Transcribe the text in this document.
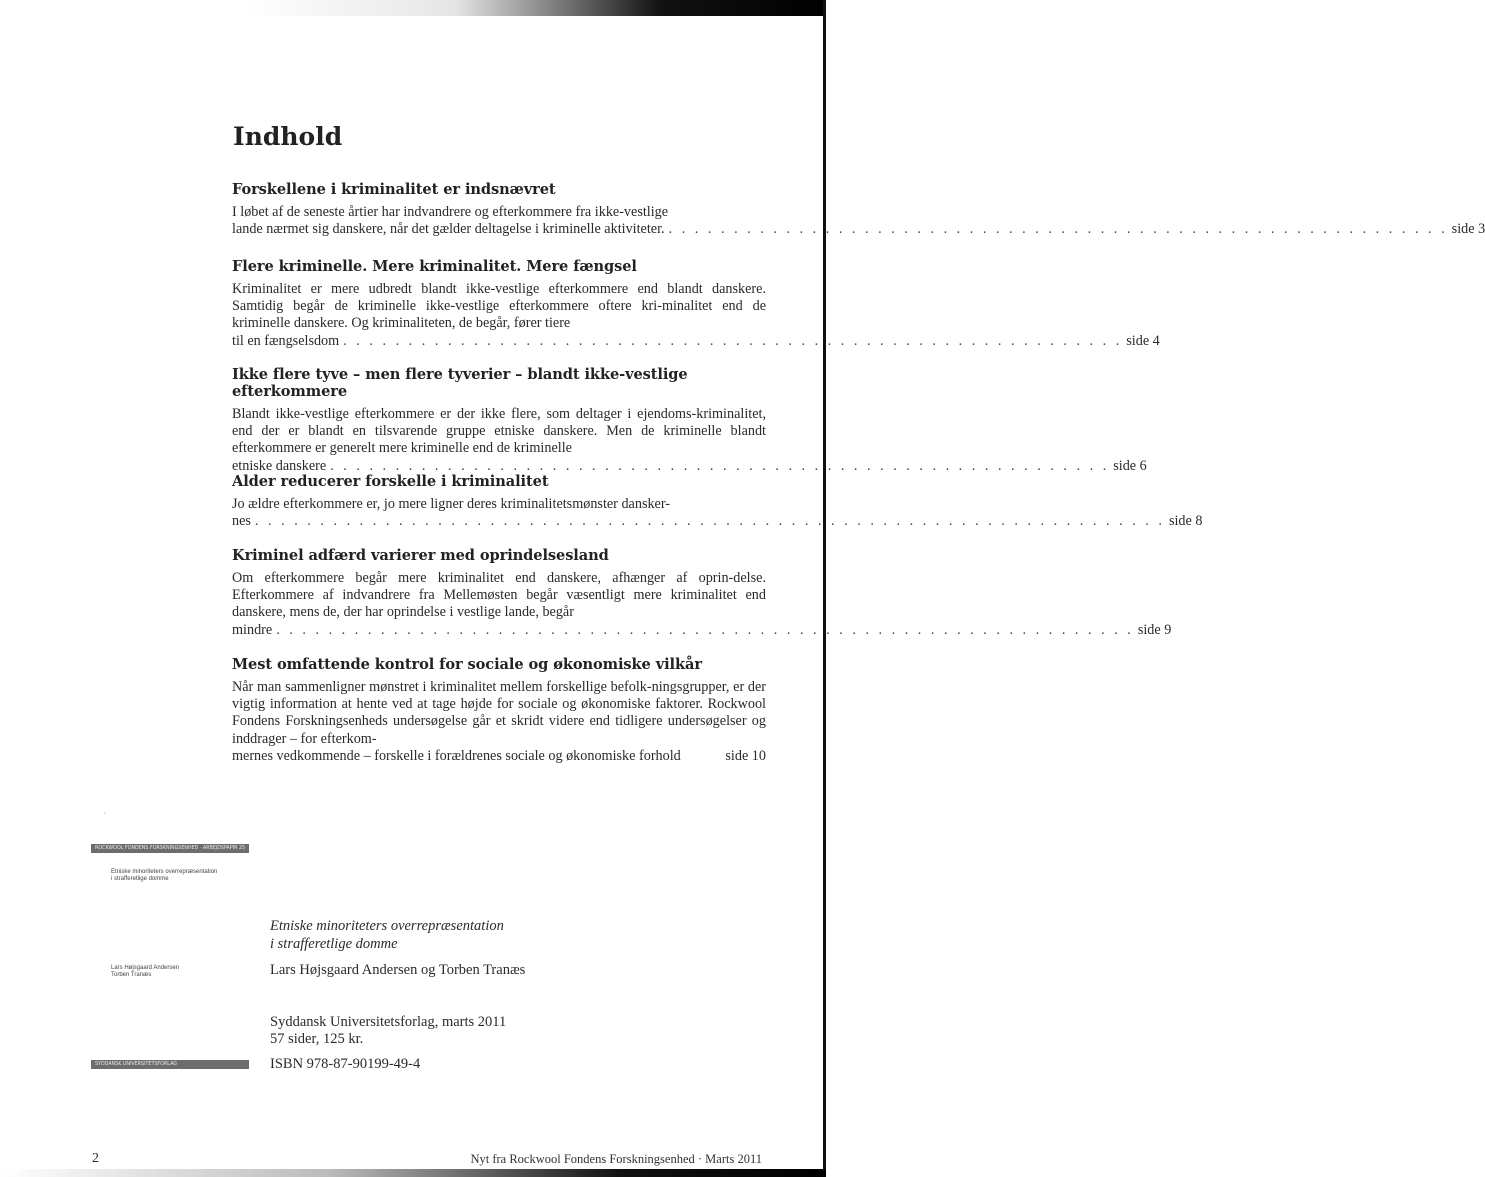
Indhold
Forskellene i kriminalitet er indsnævret

I løbet af de seneste årtier har indvandrere og efterkommere fra ikke-vestlige

lande nærmet sig danskere, når det gælder deltagelse i kriminelle aktiviteter. . . . . . . . . . . . . . . . . . . . . . . . . . . . . . . . . . . . . . . . . . . . . . . . . . . . . . . . . . . . . side 3
Flere kriminelle. Mere kriminalitet. Mere fængsel

Kriminalitet er mere udbredt blandt ikke-vestlige efterkommere end blandt danskere. Samtidig begår de kriminelle ikke-vestlige efterkommere oftere kri-minalitet end de kriminelle danskere. Og kriminaliteten, de begår, fører tiere

til en fængselsdom . . . . . . . . . . . . . . . . . . . . . . . . . . . . . . . . . . . . . . . . . . . . . . . . . . . . . . . . . . . . side 4
Ikke flere tyve – men flere tyverier – blandt ikke-vestlige efterkommere

Blandt ikke-vestlige efterkommere er der ikke flere, som deltager i ejendoms-kriminalitet, end der er blandt en tilsvarende gruppe etniske danskere. Men de kriminelle blandt efterkommere er generelt mere kriminelle end de kriminelle

etniske danskere . . . . . . . . . . . . . . . . . . . . . . . . . . . . . . . . . . . . . . . . . . . . . . . . . . . . . . . . . . . . side 6
Alder reducerer forskelle i kriminalitet

Jo ældre efterkommere er, jo mere ligner deres kriminalitetsmønster dansker-

nes . . . . . . . . . . . . . . . . . . . . . . . . . . . . . . . . . . . . . . . . . . . . . . . . . . . . . . . . . . . . . . . . . . . . . . side 8
Kriminel adfærd varierer med oprindelsesland

Om efterkommere begår mere kriminalitet end danskere, afhænger af oprin-delse. Efterkommere af indvandrere fra Mellemøsten begår væsentligt mere kriminalitet end danskere, mens de, der har oprindelse i vestlige lande, begår

mindre . . . . . . . . . . . . . . . . . . . . . . . . . . . . . . . . . . . . . . . . . . . . . . . . . . . . . . . . . . . . . . . . . . side 9
Mest omfattende kontrol for sociale og økonomiske vilkår

Når man sammenligner mønstret i kriminalitet mellem forskellige befolk-ningsgrupper, er der vigtig information at hente ved at tage højde for sociale og økonomiske faktorer. Rockwool Fondens Forskningsenheds undersøgelse går et skridt videre end tidligere undersøgelser og inddrager – for efterkom-

mernes vedkommende – forskelle i forældrenes sociale og økonomiske forhold	side 10
`
ROCKWOOL FONDENS FORSKNINGSENHED · ARBEJDSPAPIR 25
Etniske minoriteters overrepræsentation
i strafferetlige domme
Lars Højsgaard Andersen
Torben Tranæs
SYDDANSK UNIVERSITETSFORLAG
Etniske minoriteters overrepræsentation
i strafferetlige domme
Lars Højsgaard Andersen og Torben Tranæs
Syddansk Universitetsforlag, marts 2011
57 sider, 125 kr.
ISBN 978-87-90199-49-4
2	Nyt fra Rockwool Fondens Forskningsenhed · Marts 2011
